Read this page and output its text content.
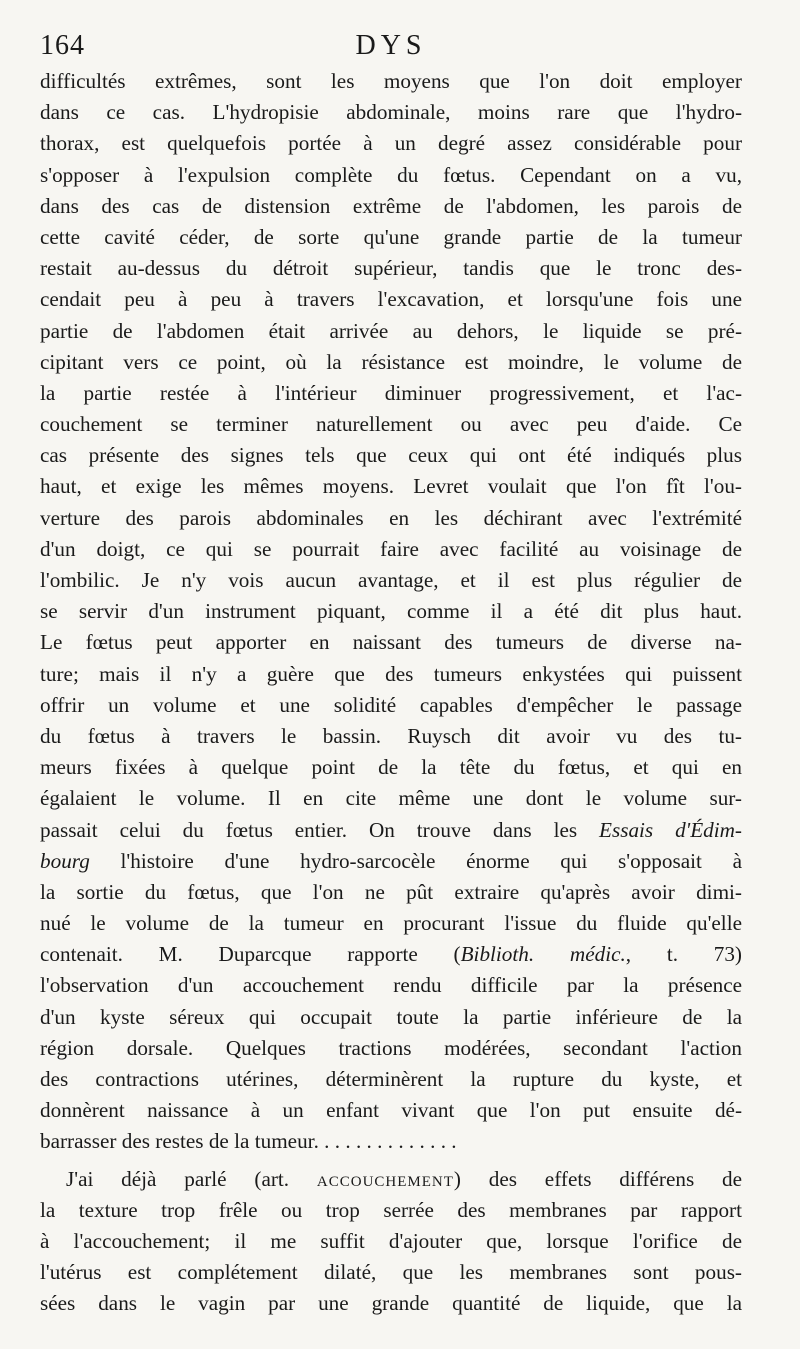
164	DYS
difficultés extrêmes, sont les moyens que l'on doit employer
dans ce cas. L'hydropisie abdominale, moins rare que l'hydro-
thorax, est quelquefois portée à un degré assez considérable pour
s'opposer à l'expulsion complète du fœtus. Cependant on a vu,
dans des cas de distension extrême de l'abdomen, les parois de
cette cavité céder, de sorte qu'une grande partie de la tumeur
restait au-dessus du détroit supérieur, tandis que le tronc des-
cendait peu à peu à travers l'excavation, et lorsqu'une fois une
partie de l'abdomen était arrivée au dehors, le liquide se pré-
cipitant vers ce point, où la résistance est moindre, le volume de
la partie restée à l'intérieur diminuer progressivement, et l'ac-
couchement se terminer naturellement ou avec peu d'aide. Ce
cas présente des signes tels que ceux qui ont été indiqués plus
haut, et exige les mêmes moyens. Levret voulait que l'on fît l'ou-
verture des parois abdominales en les déchirant avec l'extrémité
d'un doigt, ce qui se pourrait faire avec facilité au voisinage de
l'ombilic. Je n'y vois aucun avantage, et il est plus régulier de
se servir d'un instrument piquant, comme il a été dit plus haut.
Le fœtus peut apporter en naissant des tumeurs de diverse na-
ture; mais il n'y a guère que des tumeurs enkystées qui puissent
offrir un volume et une solidité capables d'empêcher le passage
du fœtus à travers le bassin. Ruysch dit avoir vu des tu-
meurs fixées à quelque point de la tête du fœtus, et qui en
égalaient le volume. Il en cite même une dont le volume sur-
passait celui du fœtus entier. On trouve dans les Essais d'Édim-
bourg l'histoire d'une hydro-sarcocèle énorme qui s'opposait à
la sortie du fœtus, que l'on ne pût extraire qu'après avoir dimi-
nué le volume de la tumeur en procurant l'issue du fluide qu'elle
contenait. M. Duparcque rapporte (Biblioth. médic., t. 73)
l'observation d'un accouchement rendu difficile par la présence
d'un kyste séreux qui occupait toute la partie inférieure de la
région dorsale. Quelques tractions modérées, secondant l'action
des contractions utérines, déterminèrent la rupture du kyste, et
donnèrent naissance à un enfant vivant que l'on put ensuite dé-
barrasser des restes de la tumeur. . . . . . . . . . . . . .
J'ai déjà parlé (art. accouchement) des effets différens de
la texture trop frêle ou trop serrée des membranes par rapport
à l'accouchement; il me suffit d'ajouter que, lorsque l'orifice de
l'utérus est complétement dilaté, que les membranes sont pous-
sées dans le vagin par une grande quantité de liquide, que la
